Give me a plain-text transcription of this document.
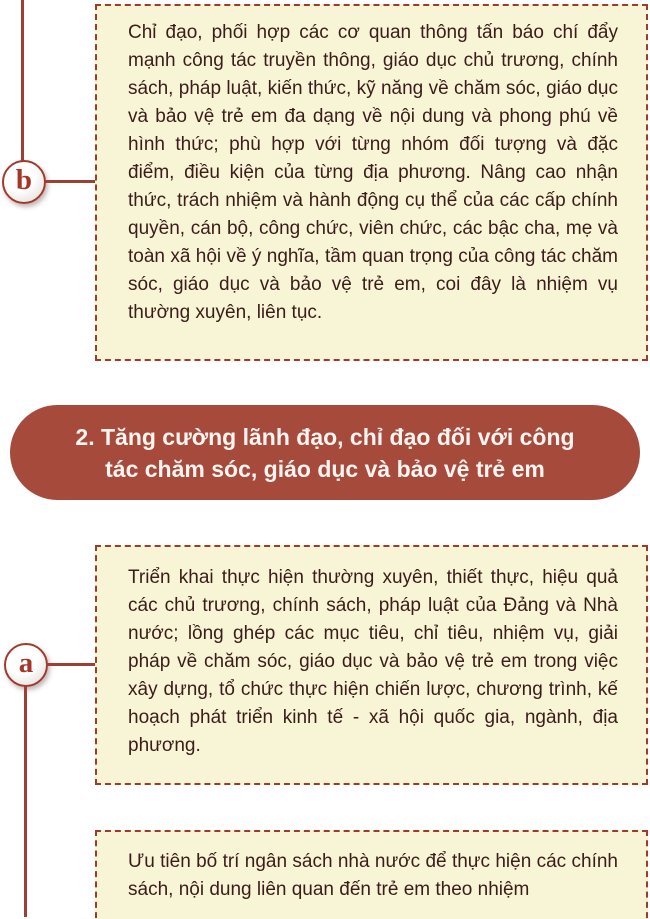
b

Chỉ đạo, phối hợp các cơ quan thông tấn báo chí đẩy mạnh công tác truyền thông, giáo dục chủ trương, chính sách, pháp luật, kiến thức, kỹ năng về chăm sóc, giáo dục và bảo vệ trẻ em đa dạng về nội dung và phong phú về hình thức; phù hợp với từng nhóm đối tượng và đặc điểm, điều kiện của từng địa phương. Nâng cao nhận thức, trách nhiệm và hành động cụ thể của các cấp chính quyền, cán bộ, công chức, viên chức, các bậc cha, mẹ và toàn xã hội về ý nghĩa, tầm quan trọng của công tác chăm sóc, giáo dục và bảo vệ trẻ em, coi đây là nhiệm vụ thường xuyên, liên tục.

2. Tăng cường lãnh đạo, chỉ đạo đối với công tác chăm sóc, giáo dục và bảo vệ trẻ em
a

Triển khai thực hiện thường xuyên, thiết thực, hiệu quả các chủ trương, chính sách, pháp luật của Đảng và Nhà nước; lồng ghép các mục tiêu, chỉ tiêu, nhiệm vụ, giải pháp về chăm sóc, giáo dục và bảo vệ trẻ em trong việc xây dựng, tổ chức thực hiện chiến lược, chương trình, kế hoạch phát triển kinh tế - xã hội quốc gia, ngành, địa phương.

Ưu tiên bố trí ngân sách nhà nước để thực hiện các chính sách, nội dung liên quan đến trẻ em theo nhiệm
